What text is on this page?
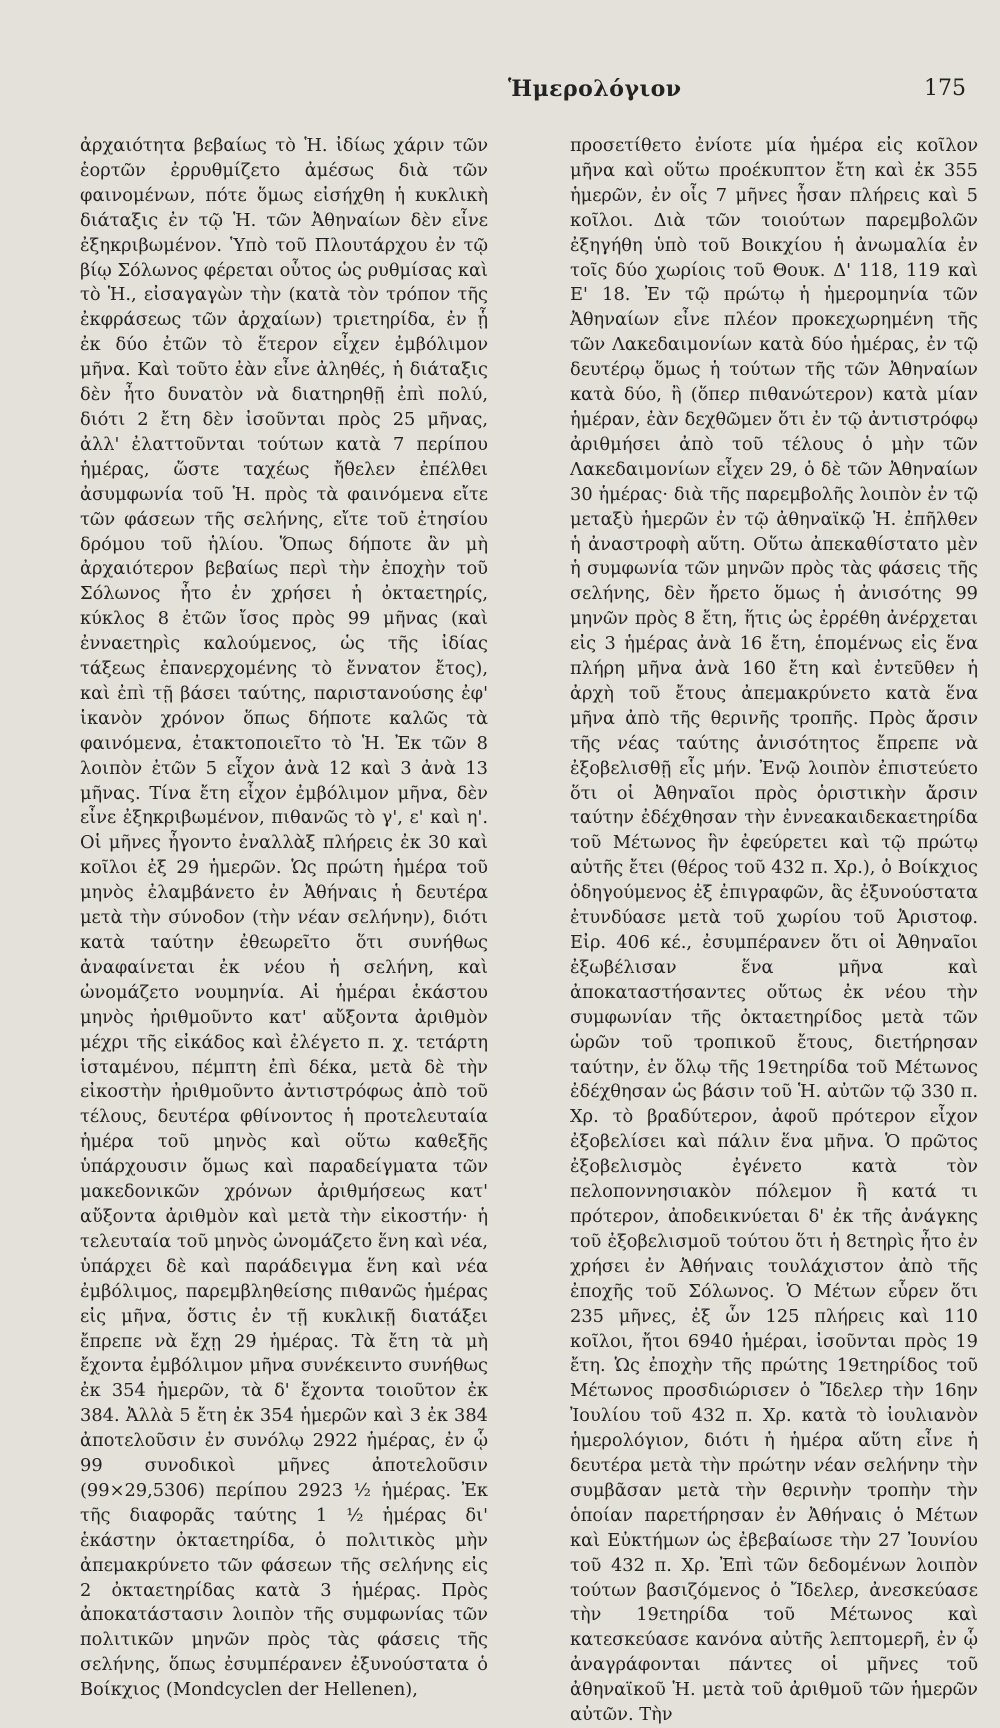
Ἡμερολόγιον	175

ἀρχαιότητα βεβαίως τὸ Ἡ. ἰδίως χάριν τῶν ἑορτῶν ἐρρυθμίζετο ἀμέσως διὰ τῶν φαινομένων, πότε ὅμως εἰσήχθη ἡ κυκλικὴ διάταξις ἐν τῷ Ἡ. τῶν Ἀθηναίων δὲν εἶνε ἐξηκριβωμένον. Ὑπὸ τοῦ Πλουτάρχου ἐν τῷ βίῳ Σόλωνος φέρεται οὗτος ὡς ρυθμίσας καὶ τὸ Ἡ., εἰσαγαγὼν τὴν (κατὰ τὸν τρόπον τῆς ἐκφράσεως τῶν ἀρχαίων) τριετηρίδα, ἐν ᾗ ἐκ δύο ἐτῶν τὸ ἕτερον εἶχεν ἐμβόλιμον μῆνα. Καὶ τοῦτο ἐὰν εἶνε ἀληθές, ἡ διάταξις δὲν ἦτο δυνατὸν νὰ διατηρηθῇ ἐπὶ πολύ, διότι 2 ἔτη δὲν ἰσοῦνται πρὸς 25 μῆνας, ἀλλ' ἐλαττοῦνται τούτων κατὰ 7 περίπου ἡμέρας, ὥστε ταχέως ἤθελεν ἐπέλθει ἀσυμφωνία τοῦ Ἡ. πρὸς τὰ φαινόμενα εἴτε τῶν φάσεων τῆς σελήνης, εἴτε τοῦ ἐτησίου δρόμου τοῦ ἡλίου. Ὅπως δήποτε ἂν μὴ ἀρχαιότερον βεβαίως περὶ τὴν ἐποχὴν τοῦ Σόλωνος ἦτο ἐν χρήσει ἡ ὀκταετηρίς, κύκλος 8 ἐτῶν ἴσος πρὸς 99 μῆνας (καὶ ἐνναετηρὶς καλούμενος, ὡς τῆς ἰδίας τάξεως ἐπανερχομένης τὸ ἔννατον ἔτος), καὶ ἐπὶ τῇ βάσει ταύτης, παριστανούσης ἐφ' ἱκανὸν χρόνον ὅπως δήποτε καλῶς τὰ φαινόμενα, ἐτακτοποιεῖτο τὸ Ἡ. Ἐκ τῶν 8 λοιπὸν ἐτῶν 5 εἶχον ἀνὰ 12 καὶ 3 ἀνὰ 13 μῆνας. Τίνα ἔτη εἶχον ἐμβόλιμον μῆνα, δὲν εἶνε ἐξηκριβωμένον, πιθανῶς τὸ γ', ε' καὶ η'. Οἱ μῆνες ἦγοντο ἐναλλὰξ πλήρεις ἐκ 30 καὶ κοῖλοι ἐξ 29 ἡμερῶν. Ὡς πρώτη ἡμέρα τοῦ μηνὸς ἐλαμβάνετο ἐν Ἀθήναις ἡ δευτέρα μετὰ τὴν σύνοδον (τὴν νέαν σελήνην), διότι κατὰ ταύτην ἐθεωρεῖτο ὅτι συνήθως ἀναφαίνεται ἐκ νέου ἡ σελήνη, καὶ ὠνομάζετο νουμηνία. Αἱ ἡμέραι ἑκάστου μηνὸς ἠριθμοῦντο κατ' αὔξοντα ἀριθμὸν μέχρι τῆς εἰκάδος καὶ ἐλέγετο π. χ. τετάρτη ἱσταμένου, πέμπτη ἐπὶ δέκα, μετὰ δὲ τὴν εἰκοστὴν ἠριθμοῦντο ἀντιστρόφως ἀπὸ τοῦ τέλους, δευτέρα φθίνοντος ἡ προτελευταία ἡμέρα τοῦ μηνὸς καὶ οὕτω καθεξῆς ὑπάρχουσιν ὅμως καὶ παραδείγματα τῶν μακεδονικῶν χρόνων ἀριθμήσεως κατ' αὔξοντα ἀριθμὸν καὶ μετὰ τὴν εἰκοστήν· ἡ τελευταία τοῦ μηνὸς ὠνομάζετο ἕνη καὶ νέα, ὑπάρχει δὲ καὶ παράδειγμα ἕνη καὶ νέα ἐμβόλιμος, παρεμβληθείσης πιθανῶς ἡμέρας εἰς μῆνα, ὅστις ἐν τῇ κυκλικῇ διατάξει ἔπρεπε νὰ ἔχῃ 29 ἡμέρας. Τὰ ἔτη τὰ μὴ ἔχοντα ἐμβόλιμον μῆνα συνέκειντο συνήθως ἐκ 354 ἡμερῶν, τὰ δ' ἔχοντα τοιοῦτον ἐκ 384. Ἀλλὰ 5 ἔτη ἐκ 354 ἡμερῶν καὶ 3 ἐκ 384 ἀποτελοῦσιν ἐν συνόλῳ 2922 ἡμέρας, ἐν ᾧ 99 συνοδικοὶ μῆνες ἀποτελοῦσιν (99×29,5306) περίπου 2923 ½ ἡμέρας. Ἐκ τῆς διαφορᾶς ταύτης 1 ½ ἡμέρας δι' ἑκάστην ὀκταετηρίδα, ὁ πολιτικὸς μὴν ἀπεμακρύνετο τῶν φάσεων τῆς σελήνης εἰς 2 ὀκταετηρίδας κατὰ 3 ἡμέρας. Πρὸς ἀποκατάστασιν λοιπὸν τῆς συμφωνίας τῶν πολιτικῶν μηνῶν πρὸς τὰς φάσεις τῆς σελήνης, ὅπως ἐσυμπέρανεν ἐξυνούστατα ὁ Βοίκχιος (Mondcyclen der Hellenen),

προσετίθετο ἐνίοτε μία ἡμέρα εἰς κοῖλον μῆνα καὶ οὕτω προέκυπτον ἔτη καὶ ἐκ 355 ἡμερῶν, ἐν οἷς 7 μῆνες ἦσαν πλήρεις καὶ 5 κοῖλοι. Διὰ τῶν τοιούτων παρεμβολῶν ἐξηγήθη ὑπὸ τοῦ Βοικχίου ἡ ἀνωμαλία ἐν τοῖς δύο χωρίοις τοῦ Θουκ. Δ' 118, 119 καὶ Ε' 18. Ἐν τῷ πρώτῳ ἡ ἡμερομηνία τῶν Ἀθηναίων εἶνε πλέον προκεχωρημένη τῆς τῶν Λακεδαιμονίων κατὰ δύο ἡμέρας, ἐν τῷ δευτέρῳ ὅμως ἡ τούτων τῆς τῶν Ἀθηναίων κατὰ δύο, ἢ (ὅπερ πιθανώτερον) κατὰ μίαν ἡμέραν, ἐὰν δεχθῶμεν ὅτι ἐν τῷ ἀντιστρόφῳ ἀριθμήσει ἀπὸ τοῦ τέλους ὁ μὴν τῶν Λακεδαιμονίων εἶχεν 29, ὁ δὲ τῶν Ἀθηναίων 30 ἡμέρας· διὰ τῆς παρεμβολῆς λοιπὸν ἐν τῷ μεταξὺ ἡμερῶν ἐν τῷ ἀθηναϊκῷ Ἡ. ἐπῆλθεν ἡ ἀναστροφὴ αὕτη. Οὕτω ἀπεκαθίστατο μὲν ἡ συμφωνία τῶν μηνῶν πρὸς τὰς φάσεις τῆς σελήνης, δὲν ἤρετο ὅμως ἡ ἀνισότης 99 μηνῶν πρὸς 8 ἔτη, ἥτις ὡς ἐρρέθη ἀνέρχεται εἰς 3 ἡμέρας ἀνὰ 16 ἔτη, ἑπομένως εἰς ἕνα πλήρη μῆνα ἀνὰ 160 ἔτη καὶ ἐντεῦθεν ἡ ἀρχὴ τοῦ ἔτους ἀπεμακρύνετο κατὰ ἕνα μῆνα ἀπὸ τῆς θερινῆς τροπῆς. Πρὸς ἄρσιν τῆς νέας ταύτης ἀνισότητος ἔπρεπε νὰ ἐξοβελισθῇ εἷς μήν. Ἐνῷ λοιπὸν ἐπιστεύετο ὅτι οἱ Ἀθηναῖοι πρὸς ὁριστικὴν ἄρσιν ταύτην ἐδέχθησαν τὴν ἐννεακαιδεκαετηρίδα τοῦ Μέτωνος ἣν ἐφεύρετει καὶ τῷ πρώτῳ αὐτῆς ἔτει (θέρος τοῦ 432 π. Χρ.), ὁ Βοίκχιος ὁδηγούμενος ἐξ ἐπιγραφῶν, ἃς ἐξυνούστατα ἐτυνδύασε μετὰ τοῦ χωρίου τοῦ Ἀριστοφ. Εἰρ. 406 κέ., ἐσυμπέρανεν ὅτι οἱ Ἀθηναῖοι ἐξωβέλισαν ἕνα μῆνα καὶ ἀποκαταστήσαντες οὕτως ἐκ νέου τὴν συμφωνίαν τῆς ὀκταετηρίδος μετὰ τῶν ὡρῶν τοῦ τροπικοῦ ἔτους, διετήρησαν ταύτην, ἐν ὅλῳ τῆς 19ετηρίδα τοῦ Μέτωνος ἐδέχθησαν ὡς βάσιν τοῦ Ἡ. αὐτῶν τῷ 330 π. Χρ. τὸ βραδύτερον, ἀφοῦ πρότερον εἶχον ἐξοβελίσει καὶ πάλιν ἕνα μῆνα. Ὁ πρῶτος ἐξοβελισμὸς ἐγένετο κατὰ τὸν πελοποννησιακὸν πόλεμον ἢ κατά τι πρότερον, ἀποδεικνύεται δ' ἐκ τῆς ἀνάγκης τοῦ ἐξοβελισμοῦ τούτου ὅτι ἡ 8ετηρὶς ἦτο ἐν χρήσει ἐν Ἀθήναις τουλάχιστον ἀπὸ τῆς ἐποχῆς τοῦ Σόλωνος. Ὁ Μέτων εὗρεν ὅτι 235 μῆνες, ἐξ ὧν 125 πλήρεις καὶ 110 κοῖλοι, ἤτοι 6940 ἡμέραι, ἰσοῦνται πρὸς 19 ἔτη. Ὡς ἐποχὴν τῆς πρώτης 19ετηρίδος τοῦ Μέτωνος προσδιώρισεν ὁ Ἴδελερ τὴν 16ην Ἰουλίου τοῦ 432 π. Χρ. κατὰ τὸ ἰουλιανὸν ἡμερολόγιον, διότι ἡ ἡμέρα αὕτη εἶνε ἡ δευτέρα μετὰ τὴν πρώτην νέαν σελήνην τὴν συμβᾶσαν μετὰ τὴν θερινὴν τροπὴν τὴν ὁποίαν παρετήρησαν ἐν Ἀθήναις ὁ Μέτων καὶ Εὐκτήμων ὡς ἐβεβαίωσε τὴν 27 Ἰουνίου τοῦ 432 π. Χρ. Ἐπὶ τῶν δεδομένων λοιπὸν τούτων βασιζόμενος ὁ Ἴδελερ, ἀνεσκεύασε τὴν 19ετηρίδα τοῦ Μέτωνος καὶ κατεσκεύασε κανόνα αὐτῆς λεπτομερῆ, ἐν ᾧ ἀναγράφονται πάντες οἱ μῆνες τοῦ ἀθηναϊκοῦ Ἡ. μετὰ τοῦ ἀριθμοῦ τῶν ἡμερῶν αὐτῶν. Τὴν
